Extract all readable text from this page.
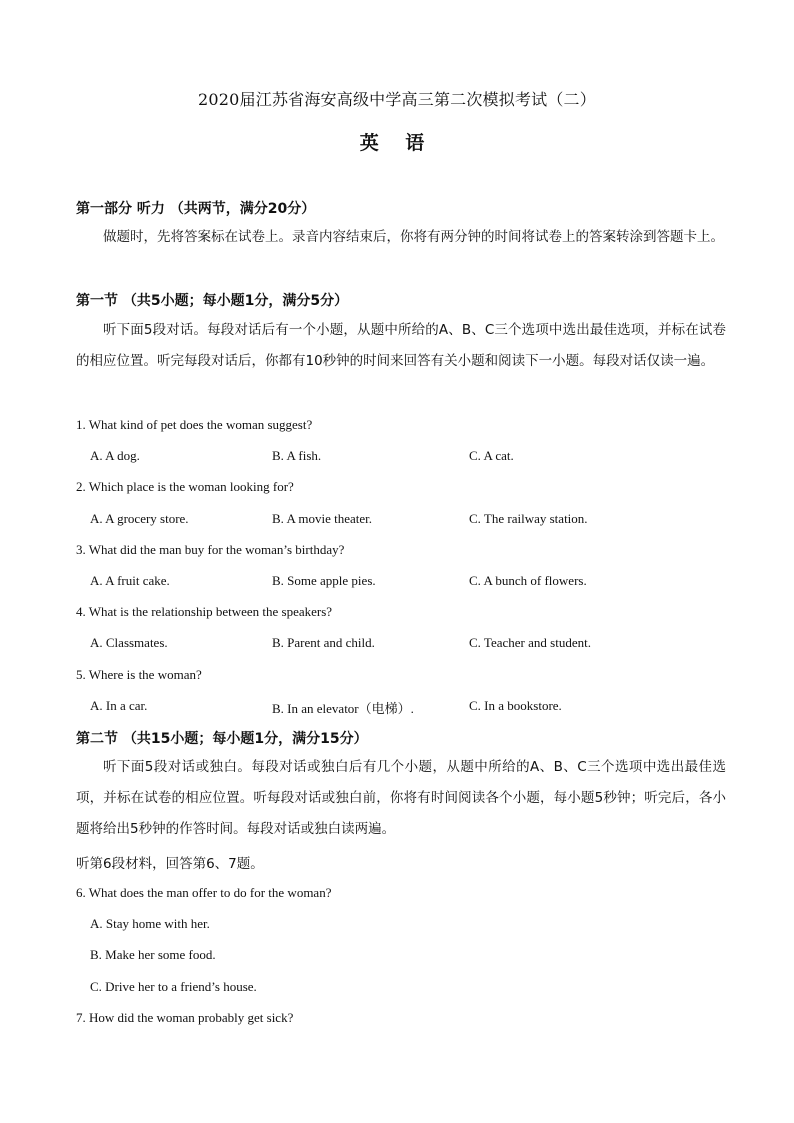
2020届江苏省海安高级中学高三第二次模拟考试（二）
英 语
第一部分 听力 （共两节，满分20分）
做题时，先将答案标在试卷上。录音内容结束后，你将有两分钟的时间将试卷上的答案转涂到答题卡上。
第一节 （共5小题；每小题1分，满分5分）
听下面5段对话。每段对话后有一个小题，从题中所给的A、B、C三个选项中选出最佳选项，并标在试卷的相应位置。听完每段对话后，你都有10秒钟的时间来回答有关小题和阅读下一小题。每段对话仅读一遍。
1. What kind of pet does the woman suggest?
A. A dog.	B. A fish.	C. A cat.
2. Which place is the woman looking for?
A. A grocery store.	B. A movie theater.	C. The railway station.
3. What did the man buy for the woman’s birthday?
A. A fruit cake.	B. Some apple pies.	C. A bunch of flowers.
4. What is the relationship between the speakers?
A. Classmates.	B. Parent and child.	C. Teacher and student.
5. Where is the woman?
A. In a car.	B. In an elevator（电梯）.	C. In a bookstore.
第二节 （共15小题；每小题1分，满分15分）
听下面5段对话或独白。每段对话或独白后有几个小题，从题中所给的A、B、C三个选项中选出最佳选项，并标在试卷的相应位置。听每段对话或独白前，你将有时间阅读各个小题，每小题5秒钟；听完后，各小题将给出5秒钟的作答时间。每段对话或独白读两遍。
听第6段材料，回答第6、7题。
6. What does the man offer to do for the woman?
A. Stay home with her.
B. Make her some food.
C. Drive her to a friend’s house.
7. How did the woman probably get sick?
